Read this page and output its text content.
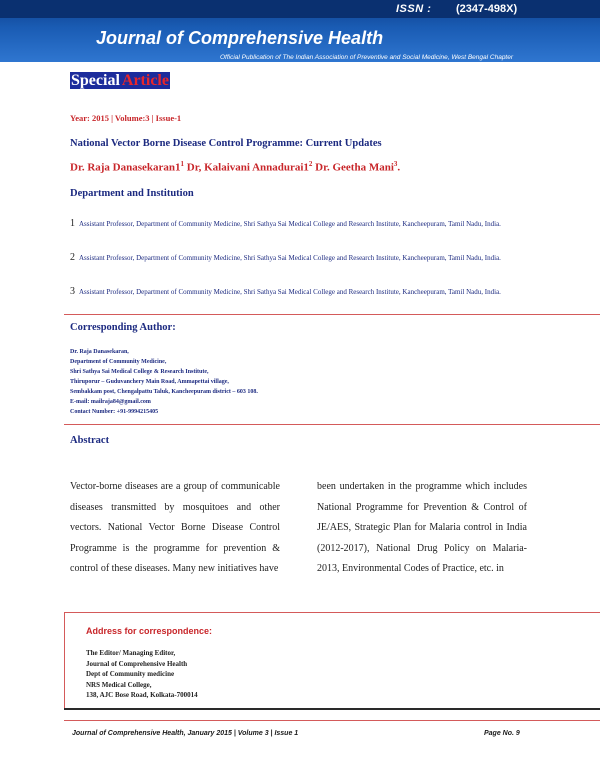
ISSN : (2347-498X)
Journal of Comprehensive Health
Official Publication of The Indian Association of Preventive and Social Medicine, West Bengal Chapter
Special Article
Year: 2015 | Volume:3 | Issue-1
National Vector Borne Disease Control Programme: Current Updates
Dr. Raja $Danasekaran1^1$ Dr, Kalaivani $Annadurai1^2$ Dr. Geetha Mani$^3$.
Department and Institution
1 Assistant Professor, Department of Community Medicine, Shri Sathya Sai Medical College and Research Institute, Kancheepuram, Tamil Nadu, India.
2 Assistant Professor, Department of Community Medicine, Shri Sathya Sai Medical College and Research Institute, Kancheepuram, Tamil Nadu, India.
3 Assistant Professor, Department of Community Medicine, Shri Sathya Sai Medical College and Research Institute, Kancheepuram, Tamil Nadu, India.
Corresponding Author:
Dr. Raja Danasekaran,
Department of Community Medicine,
Shri Sathya Sai Medical College & Research Institute,
Thiruporur – Guduvanchery Main Road, Ammapettai village,
Sembakkam post, Chengalpattu Taluk, Kancheepuram district – 603 108.
E-mail: mailraja84@gmail.com
Contact Number: +91-9994215405
Abstract
Vector-borne diseases are a group of communicable diseases transmitted by mosquitoes and other vectors. National Vector Borne Disease Control Programme is the programme for prevention & control of these diseases. Many new initiatives have
been undertaken in the programme which includes National Programme for Prevention & Control of JE/AES, Strategic Plan for Malaria control in India (2012-2017), National Drug Policy on Malaria-2013, Environmental Codes of Practice, etc. in
Address for correspondence:
The Editor/ Managing Editor,
Journal of Comprehensive Health
Dept of Community medicine
NRS Medical College,
138, AJC Bose Road, Kolkata-700014
Journal of Comprehensive Health, January 2015 | Volume 3 | Issue 1	Page No. 9
